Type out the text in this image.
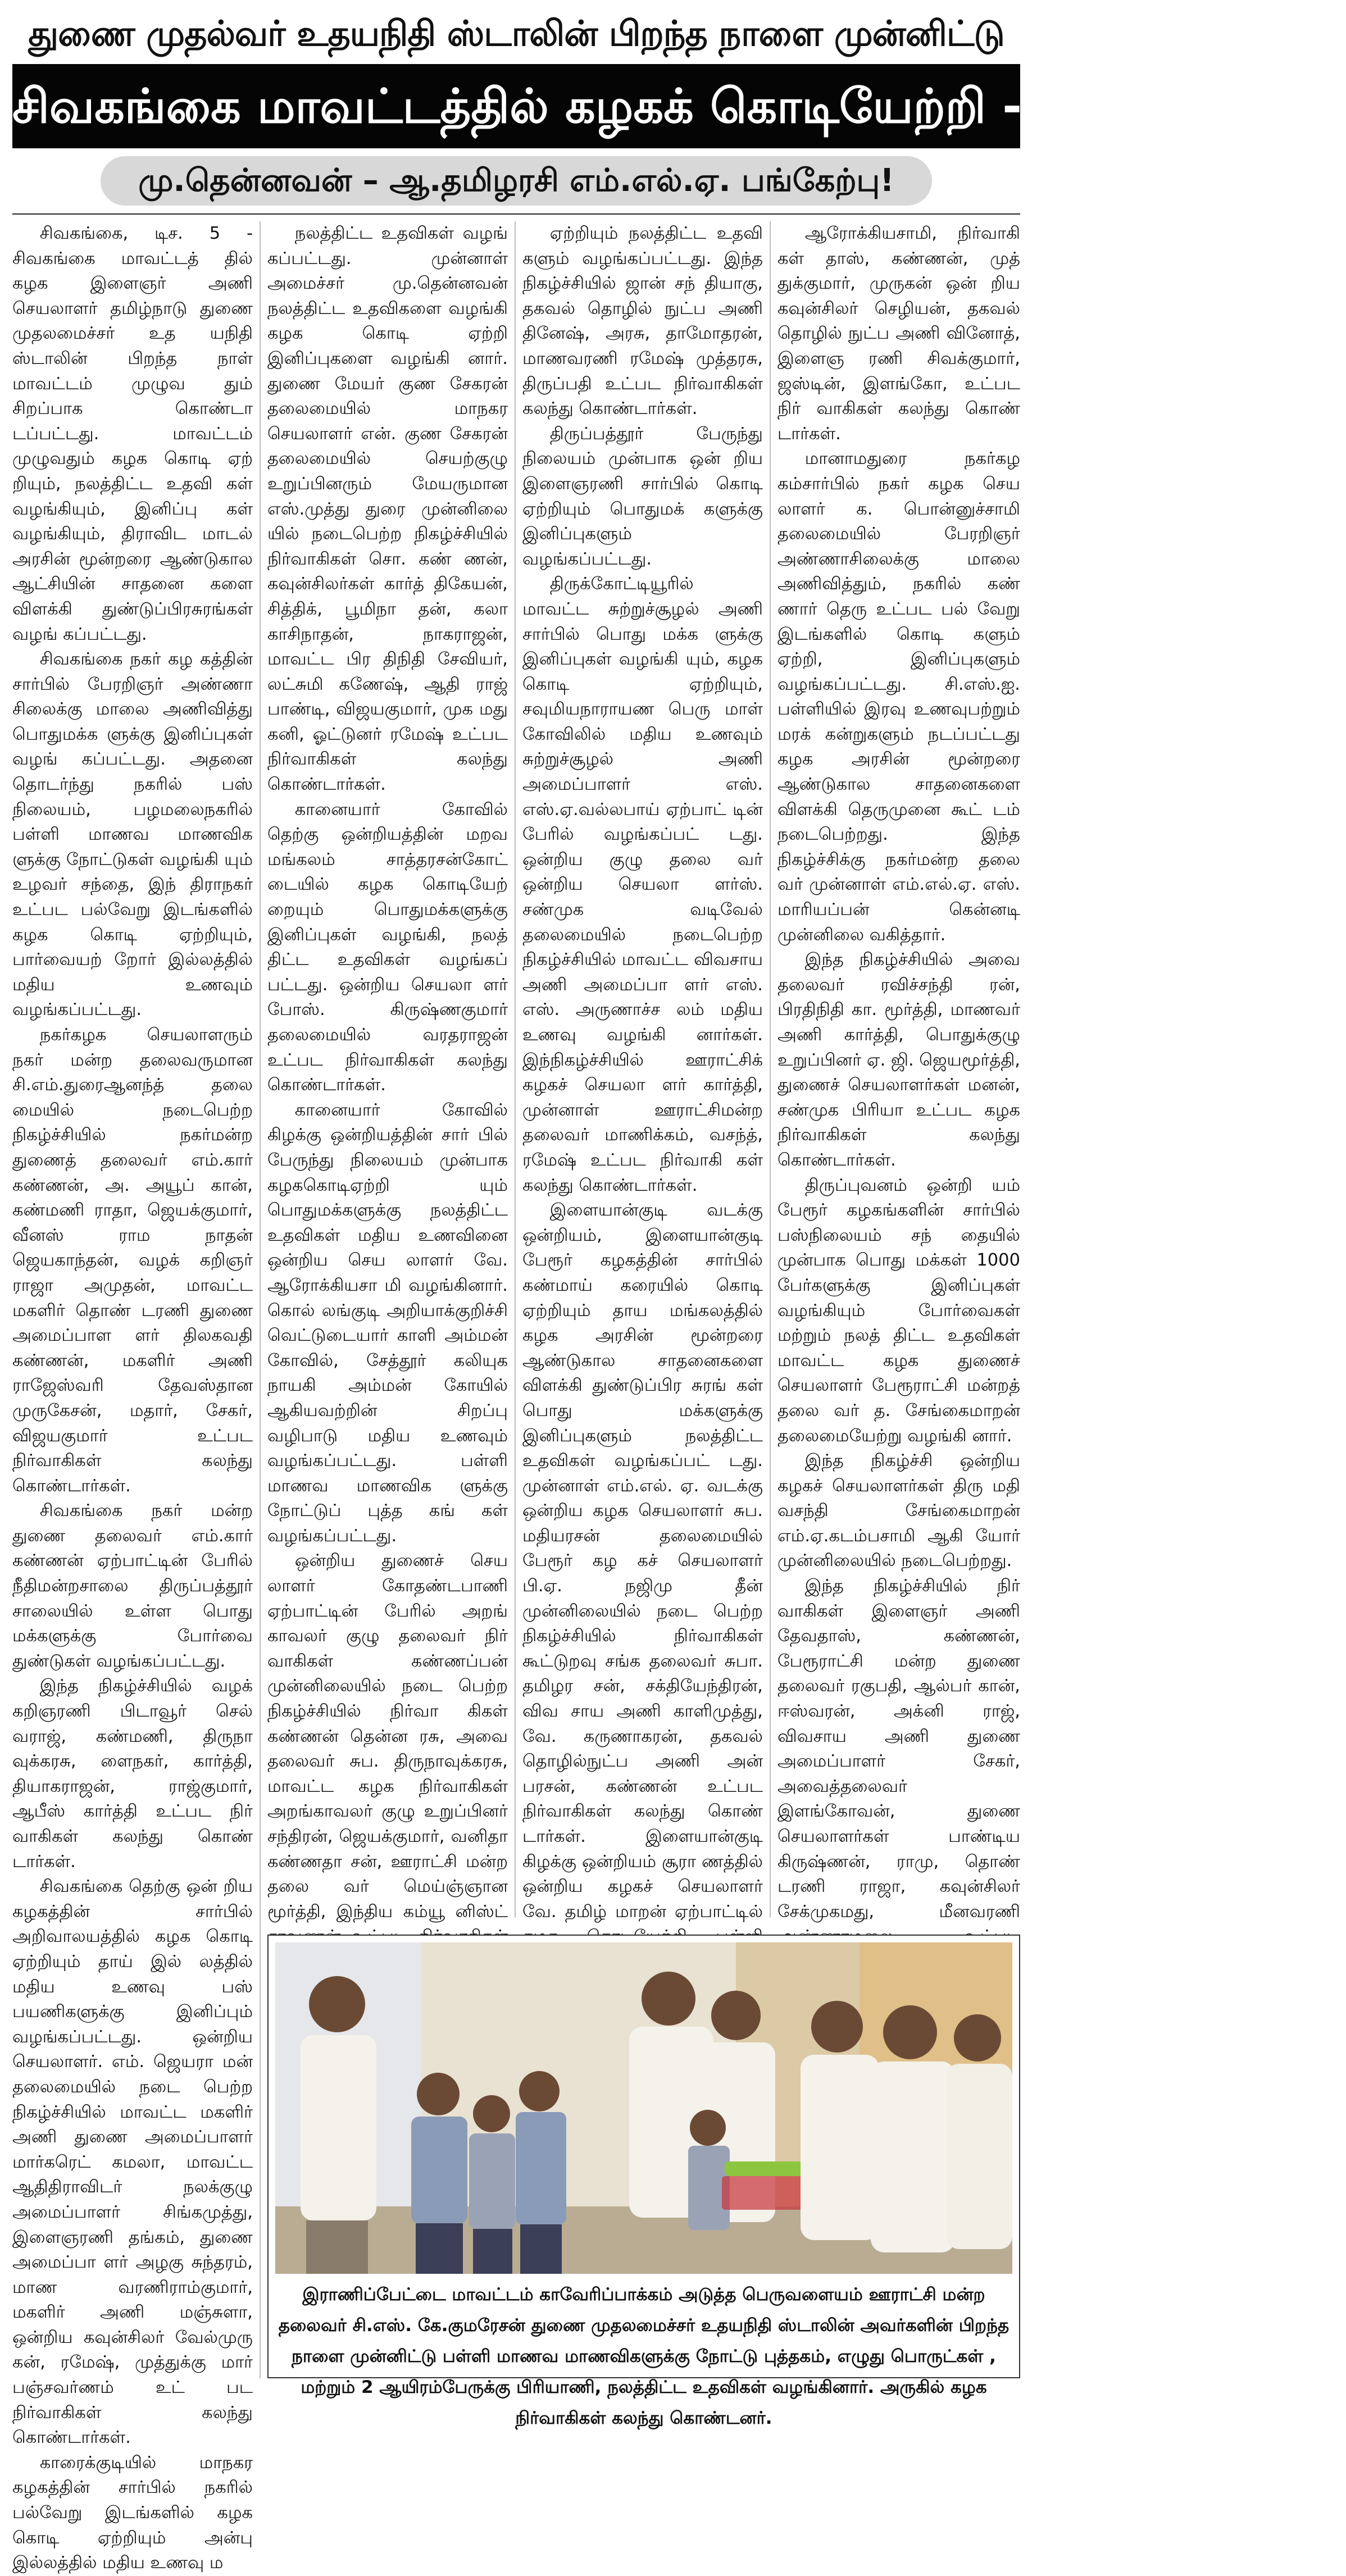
துணை முதல்வர் உதயநிதி ஸ்டாலின் பிறந்த நாளை முன்னிட்டு
சிவகங்கை மாவட்டத்தில் கழகக் கொடியேற்றி - நல உதவிகள்!
மு.தென்னவன் – ஆ.தமிழரசி எம்.எல்.ஏ. பங்கேற்பு!

சிவகங்கை, டிச. 5 - சிவகங்கை மாவட்டத் தில் கழக இளைஞர் அணி செயலாளர் தமிழ்நாடு துணை முதலமைச்சர் உத யநிதி ஸ்டாலின் பிறந்த நாள் மாவட்டம் முழுவ தும் சிறப்பாக கொண்டா டப்பட்டது. மாவட்டம் முழுவதும் கழக கொடி ஏற் றியும், நலத்திட்ட உதவி கள் வழங்கியும், இனிப்பு கள் வழங்கியும், திராவிட மாடல் அரசின் மூன்றரை ஆண்டுகால ஆட்சியின் சாதனை களை விளக்கி துண்டுப்பிரசுரங்கள் வழங் கப்பட்டது.

சிவகங்கை நகர் கழ கத்தின் சார்பில் பேரறிஞர் அண்ணா சிலைக்கு மாலை அணிவித்து பொதுமக்க ளுக்கு இனிப்புகள் வழங் கப்பட்டது. அதனை தொடர்ந்து நகரில் பஸ் நிலையம், பழமலைநகரில் பள்ளி மாணவ மாணவிக ளுக்கு நோட்டுகள் வழங்கி யும் உழவர் சந்தை, இந் திராநகர் உட்பட பல்வேறு இடங்களில் கழக கொடி ஏற்றியும், பார்வையற் றோர் இல்லத்தில் மதிய உணவும் வழங்கப்பட்டது.

நகர்கழக செயலாளரும் நகர் மன்ற தலைவருமான சி.எம்.துரைஆனந்த் தலை மையில் நடைபெற்ற நிகழ்ச்சியில் நகர்மன்ற துணைத் தலைவர் எம்.கார் கண்ணன், அ. அயூப் கான், கண்மணி ராதா, ஜெயக்குமார், வீனஸ் ராம நாதன் ஜெயகாந்தன், வழக் கறிஞர் ராஜா அமுதன், மாவட்ட மகளிர் தொண் டரணி துணை அமைப்பாள ளர் திலகவதி கண்ணன், மகளிர் அணி ராஜேஸ்வரி தேவஸ்தான முருகேசன், மதார், சேகர், விஜயகுமார் உட்பட நிர்வாகிகள் கலந்து கொண்டார்கள்.

சிவகங்கை நகர் மன்ற துணை தலைவர் எம்.கார் கண்ணன் ஏற்பாட்டின் பேரில் நீதிமன்றசாலை திருப்பத்தூர் சாலையில் உள்ள பொது மக்களுக்கு போர்வை துண்டுகள் வழங்கப்பட்டது.

இந்த நிகழ்ச்சியில் வழக் கறிஞரணி பிடாவூர் செல் வராஜ், கண்மணி, திருநா வுக்கரசு, ளைநகர், கார்த்தி, தியாகராஜன், ராஜ்குமார், ஆபீஸ் கார்த்தி உட்பட நிர் வாகிகள் கலந்து கொண் டார்கள்.

சிவகங்கை தெற்கு ஒன் றிய கழகத்தின் சார்பில் அறிவாலயத்தில் கழக கொடி ஏற்றியும் தாய் இல் லத்தில் மதிய உணவு பஸ் பயணிகளுக்கு இனிப்பும் வழங்கப்பட்டது. ஒன்றிய செயலாளர். எம். ஜெயரா மன் தலைமையில் நடை பெற்ற நிகழ்ச்சியில் மாவட்ட மகளிர் அணி துணை அமைப்பாளர் மார்கரெட் கமலா, மாவட்ட ஆதிதிராவிடர் நலக்குழு அமைப்பாளர் சிங்கமுத்து, இளைஞரணி தங்கம், துணை அமைப்பா ளர் அழகு சுந்தரம், மாண வரணிராம்குமார், மகளிர் அணி மஞ்சுளா, ஒன்றிய கவுன்சிலர் வேல்முரு கன், ரமேஷ், முத்துக்கு மார் பஞ்சவர்ணம் உட் பட நிர்வாகிகள் கலந்து கொண்டார்கள்.

காரைக்குடியில் மாநகர கழகத்தின் சார்பில் நகரில் பல்வேறு இடங்களில் கழக கொடி ஏற்றியும் அன்பு இல்லத்தில் மதிய உணவு ம

நலத்திட்ட உதவிகள் வழங் கப்பட்டது. முன்னாள் அமைச்சர் மு.தென்னவன் நலத்திட்ட உதவிகளை வழங்கி கழக கொடி ஏற்றி இனிப்புகளை வழங்கி னார். துணை மேயர் குண சேகரன் தலைமையில் மாநகர செயலாளர் என். குண சேகரன் தலைமையில் செயற்குழு உறுப்பினரும் மேயருமான எஸ்.முத்து துரை முன்னிலை யில் நடைபெற்ற நிகழ்ச்சியில் நிர்வாகிகள் சொ. கண் ணன், கவுன்சிலர்கள் கார்த் திகேயன், சித்திக், பூமிநா தன், கலா காசிநாதன், நாகராஜன், மாவட்ட பிர திநிதி சேவியர், லட்சுமி கணேஷ், ஆதி ராஜ் பாண்டி, விஜயகுமார், முக மது கனி, ஓட்டுனர் ரமேஷ் உட்பட நிர்வாகிகள் கலந்து கொண்டார்கள்.

கானையார் கோவில் தெற்கு ஒன்றியத்தின் மறவ மங்கலம் சாத்தரசன்கோட் டையில் கழக கொடியேற் றையும் பொதுமக்களுக்கு இனிப்புகள் வழங்கி, நலத் திட்ட உதவிகள் வழங்கப் பட்டது. ஒன்றிய செயலா ளர் போஸ். கிருஷ்ணகுமார் தலைமையில் வரதராஜன் உட்பட நிர்வாகிகள் கலந்து கொண்டார்கள்.

கானையார் கோவில் கிழக்கு ஒன்றியத்தின் சார் பில் பேருந்து நிலையம் முன்பாக கழககொடிஏற்றி யும் பொதுமக்களுக்கு நலத்திட்ட உதவிகள் மதிய உணவினை ஒன்றிய செய லாளர் வே. ஆரோக்கியசா மி வழங்கினார். கொல் லங்குடி அறியாக்குறிச்சி வெட்டுடையார் காளி அம்மன் கோவில், சேத்தூர் கலியுக நாயகி அம்மன் கோயில் ஆகியவற்றின் சிறப்பு வழிபாடு மதிய உணவும் வழங்கப்பட்டது. பள்ளி மாணவ மாணவிக ளுக்கு நோட்டுப் புத்த கங் கள் வழங்கப்பட்டது.

ஒன்றிய துணைச் செய லாளர் கோதண்டபாணி ஏற்பாட்டின் பேரில் அறங் காவலர் குழு தலைவர் நிர் வாகிகள் கண்ணப்பன் முன்னிலையில் நடை பெற்ற நிகழ்ச்சியில் நிர்வா கிகள் கண்ணன் தென்ன ரசு, அவை தலைவர் சுப. திருநாவுக்கரசு, மாவட்ட கழக நிர்வாகிகள் அறங்காவலர் குழு உறுப்பினர் சந்திரன், ஜெயக்குமார், வனிதா கண்ணதா சன், ஊராட்சி மன்ற தலை வர் மெய்ஞ்ஞான மூர்த்தி, இந்திய கம்யூ னிஸ்ட்

ஏற்றியும் நலத்திட்ட உதவி களும் வழங்கப்பட்டது. இந்த நிகழ்ச்சியில் ஜான் சந் தியாகு, தகவல் தொழில் நுட்ப அணி தினேஷ், அரசு, தாமோதரன், மாணவரணி ரமேஷ் முத்தரசு, திருப்பதி உட்பட நிர்வாகிகள் கலந்து கொண்டார்கள்.

திருப்பத்தூர் பேருந்து நிலையம் முன்பாக ஒன் றிய இளைஞரணி சார்பில் கொடி ஏற்றியும் பொதுமக் களுக்கு இனிப்புகளும் வழங்கப்பட்டது.

திருக்கோட்டியூரில் மாவட்ட சுற்றுச்சூழல் அணி சார்பில் பொது மக்க ளுக்கு இனிப்புகள் வழங்கி யும், கழக கொடி ஏற்றியும், சவுமியநாராயண பெரு மாள் கோவிலில் மதிய உணவும் சுற்றுச்சூழல் அணி அமைப்பாளர் எஸ். எஸ்.ஏ.வல்லபாய் ஏற்பாட் டின் பேரில் வழங்கப்பட் டது. ஒன்றிய குழு தலை வர் ஒன்றிய செயலா ளர்ஸ். சண்முக வடிவேல் தலைமையில் நடைபெற்ற நிகழ்ச்சியில் மாவட்ட விவசாய அணி அமைப்பா ளர் எஸ். எஸ். அருணாச்ச லம் மதிய உணவு வழங்கி னார்கள். இந்நிகழ்ச்சியில் ஊராட்சிக் கழகச் செயலா ளர் கார்த்தி, முன்னாள் ஊராட்சிமன்ற தலைவர் மாணிக்கம், வசந்த், ரமேஷ் உட்பட நிர்வாகி கள் கலந்து கொண்டார்கள்.

இளையான்குடி வடக்கு ஒன்றியம், இளையான்குடி பேரூர் கழகத்தின் சார்பில் கண்மாய் கரையில் கொடி ஏற்றியும் தாய மங்கலத்தில் கழக அரசின் மூன்றரை ஆண்டுகால சாதனைகளை விளக்கி துண்டுப்பிர சுரங் கள் பொது மக்களுக்கு இனிப்புகளும் நலத்திட்ட உதவிகள் வழங்கப்பட் டது. முன்னாள் எம்.எல். ஏ. வடக்கு ஒன்றிய கழக செயலாளர் சுப. மதியரசன் தலைமையில் பேரூர் கழ கச் செயலாளர் பி.ஏ. நஜிமு தீன் முன்னிலையில் நடை பெற்ற நிகழ்ச்சியில் நிர்வாகிகள் கூட்டுறவு சங்க தலைவர் சுபா. தமிழர சன், சக்தியேந்திரன், விவ சாய அணி காளிமுத்து, வே. கருணாகரன், தகவல் தொழில்நுட்ப அணி அன் பரசன், கண்ணன் உட்பட நிர்வாகிகள் கலந்து கொண் டார்கள். இளையான்குடி கிழக்கு ஒன்றியம் சூரா ணத்தில் ஒன்றிய கழகச் செயலாளர் வே. தமிழ் மாறன் ஏற்பாட்டில்

ஆரோக்கியசாமி, நிர்வாகி கள் தாஸ், கண்ணன், முத் துக்குமார், முருகன் ஒன் றிய கவுன்சிலர் செழியன், தகவல் தொழில் நுட்ப அணி வினோத், இளைஞ ரணி சிவக்குமார், ஜஸ்டின், இளங்கோ, உட்பட நிர் வாகிகள் கலந்து கொண் டார்கள்.

மானாமதுரை நகர்கழ கம்சார்பில் நகர் கழக செய லாளர் க. பொன்னுச்சாமி தலைமையில் பேரறிஞர் அண்ணாசிலைக்கு மாலை அணிவித்தும், நகரில் கண் ணார் தெரு உட்பட பல் வேறு இடங்களில் கொடி களும் ஏற்றி, இனிப்புகளும் வழங்கப்பட்டது. சி.எஸ்.ஐ. பள்ளியில் இரவு உணவுபற்றும் மரக் கன்றுகளும் நடப்பட்டது கழக அரசின் மூன்றரை ஆண்டுகால சாதனைகளை விளக்கி தெருமுனை கூட் டம் நடைபெற்றது. இந்த நிகழ்ச்சிக்கு நகர்மன்ற தலை வர் முன்னாள் எம்.எல்.ஏ. எஸ். மாரியப்பன் கென்னடி முன்னிலை வகித்தார்.

இந்த நிகழ்ச்சியில் அவை தலைவர் ரவிச்சந்தி ரன், பிரதிநிதி கா. மூர்த்தி, மாணவர் அணி கார்த்தி, பொதுக்குழு உறுப்பினர் ஏ. ஜி. ஜெயமூர்த்தி, துணைச் செயலாளர்கள் மனன், சண்முக பிரியா உட்பட கழக நிர்வாகிகள் கலந்து கொண்டார்கள்.

திருப்புவனம் ஒன்றி யம் பேரூர் கழகங்களின் சார்பில் பஸ்நிலையம் சந் தையில் முன்பாக பொது மக்கள் 1000 பேர்களுக்கு இனிப்புகள் வழங்கியும் போர்வைகள் மற்றும் நலத் திட்ட உதவிகள் மாவட்ட கழக துணைச் செயலாளர் பேரூராட்சி மன்றத் தலை வர் த. சேங்கைமாறன் தலைமையேற்று வழங்கி னார்.

இந்த நிகழ்ச்சி ஒன்றிய கழகச் செயலாளர்கள் திரு மதி வசந்தி சேங்கைமாறன் எம்.ஏ.கடம்பசாமி ஆகி யோர் முன்னிலையில் நடைபெற்றது.

இந்த நிகழ்ச்சியில் நிர் வாகிகள் இளைஞர் அணி தேவதாஸ், கண்ணன், பேரூராட்சி மன்ற துணை தலைவர் ரகுபதி, ஆல்பர் கான், ஈஸ்வரன், அக்னி ராஜ், விவசாய அணி துணை அமைப்பாளர் சேகர், அவைத்தலைவர் இளங்கோவன், துணை செயலாளர்கள் பாண்டிய கிருஷ்ணன், ராமு, தொண் டரணி ராஜா, கவுன்சிலர் சேக்முகமது, மீனவரணி

இராணிப்பேட்டை மாவட்டம் காவேரிப்பாக்கம் அடுத்த பெருவளையம் ஊராட்சி மன்ற தலைவர் சி.எஸ். கே.குமரேசன் துணை முதலமைச்சர் உதயநிதி ஸ்டாலின் அவர்களின் பிறந்த நாளை முன்னிட்டு பள்ளி மாணவ மாணவிகளுக்கு நோட்டு புத்தகம், எழுது பொருட்கள் , மற்றும் 2 ஆயிரம்பேருக்கு பிரியாணி, நலத்திட்ட உதவிகள் வழங்கினார். அருகில் கழக நிர்வாகிகள் கலந்து கொண்டனர்.
